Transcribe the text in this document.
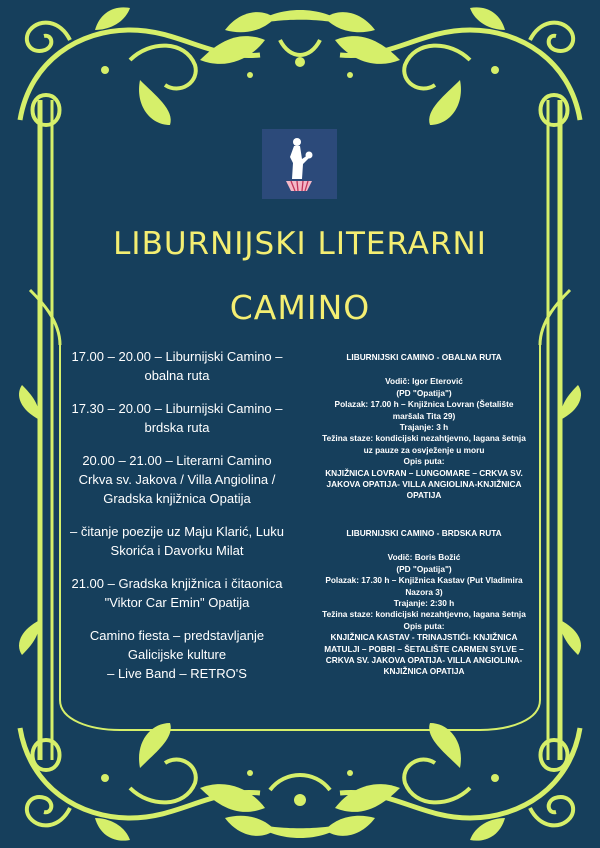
LIBURNIJSKI LITERARNI
CAMINO

17.00 – 20.00 – Liburnijski Camino –
obalna ruta

17.30 – 20.00 – Liburnijski Camino –
brdska ruta

20.00 – 21.00 – Literarni Camino
Crkva sv. Jakova / Villa Angiolina /
Gradska knjižnica Opatija

– čitanje poezije uz Maju Klarić, Luku
Skorića i Davorku Milat

21.00 – Gradska knjižnica i čitaonica
"Viktor Car Emin" Opatija

Camino fiesta – predstavljanje
Galicijske kulture
– Live Band – RETRO'S

LIBURNIJSKI CAMINO - OBALNA RUTA
Vodič: Igor Eterović
(PD "Opatija")
Polazak: 17.00 h – Knjižnica Lovran (Šetalište
maršala Tita 29)
Trajanje: 3 h
Težina staze: kondicijski nezahtjevno, lagana šetnja
uz pauze za osvježenje u moru
Opis puta:
KNJIŽNICA LOVRAN – LUNGOMARE – CRKVA SV.
JAKOVA OPATIJA- VILLA ANGIOLINA-KNJIŽNICA
OPATIJA
LIBURNIJSKI CAMINO - BRDSKA RUTA
Vodič: Boris Božić
(PD "Opatija")
Polazak: 17.30 h – Knjižnica Kastav (Put Vladimira
Nazora 3)
Trajanje: 2:30 h
Težina staze: kondicijski nezahtjevno, lagana šetnja
Opis puta:
KNJIŽNICA KASTAV - TRINAJSTIĆI- KNJIŽNICA
MATULJI – POBRI – ŠETALIŠTE CARMEN SYLVE –
CRKVA SV. JAKOVA OPATIJA- VILLA ANGIOLINA-
KNJIŽNICA OPATIJA
